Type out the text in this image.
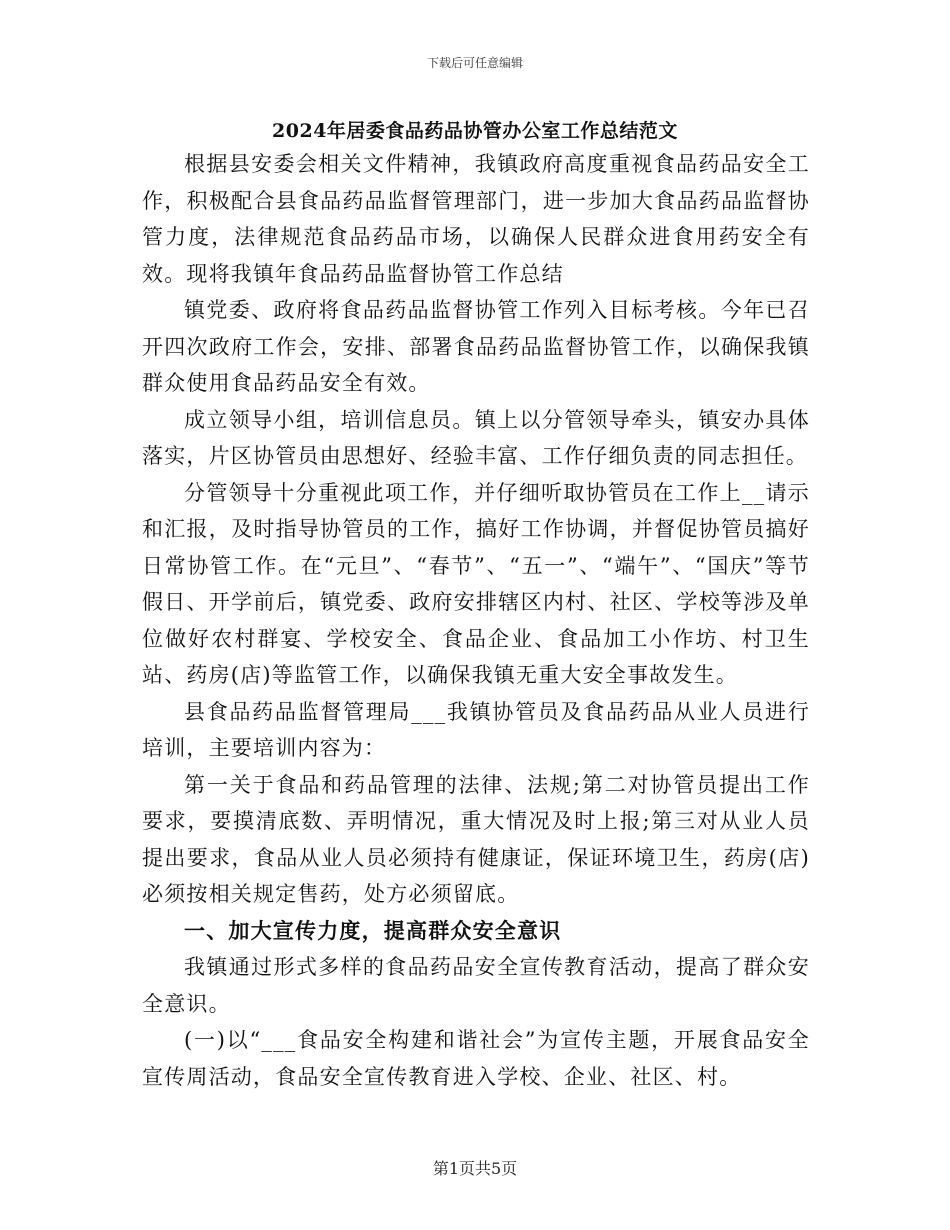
下载后可任意编辑
2024年居委食品药品协管办公室工作总结范文

根据县安委会相关文件精神，我镇政府高度重视食品药品安全工作，积极配合县食品药品监督管理部门，进一步加大食品药品监督协管力度，法律规范食品药品市场，以确保人民群众进食用药安全有效。现将我镇年食品药品监督协管工作总结

镇党委、政府将食品药品监督协管工作列入目标考核。今年已召开四次政府工作会，安排、部署食品药品监督协管工作，以确保我镇群众使用食品药品安全有效。

成立领导小组，培训信息员。镇上以分管领导牵头，镇安办具体落实，片区协管员由思想好、经验丰富、工作仔细负责的同志担任。

分管领导十分重视此项工作，并仔细听取协管员在工作上__请示和汇报，及时指导协管员的工作，搞好工作协调，并督促协管员搞好日常协管工作。在“元旦”、“春节”、“五一”、“端午”、“国庆”等节假日、开学前后，镇党委、政府安排辖区内村、社区、学校等涉及单位做好农村群宴、学校安全、食品企业、食品加工小作坊、村卫生站、药房(店)等监管工作，以确保我镇无重大安全事故发生。

县食品药品监督管理局___我镇协管员及食品药品从业人员进行培训，主要培训内容为：

第一关于食品和药品管理的法律、法规;第二对协管员提出工作要求，要摸清底数、弄明情况，重大情况及时上报;第三对从业人员提出要求，食品从业人员必须持有健康证，保证环境卫生，药房(店)必须按相关规定售药，处方必须留底。

一、加大宣传力度，提高群众安全意识

我镇通过形式多样的食品药品安全宣传教育活动，提高了群众安全意识。

(一)以“___食品安全构建和谐社会”为宣传主题，开展食品安全宣传周活动，食品安全宣传教育进入学校、企业、社区、村。

第1页共5页
